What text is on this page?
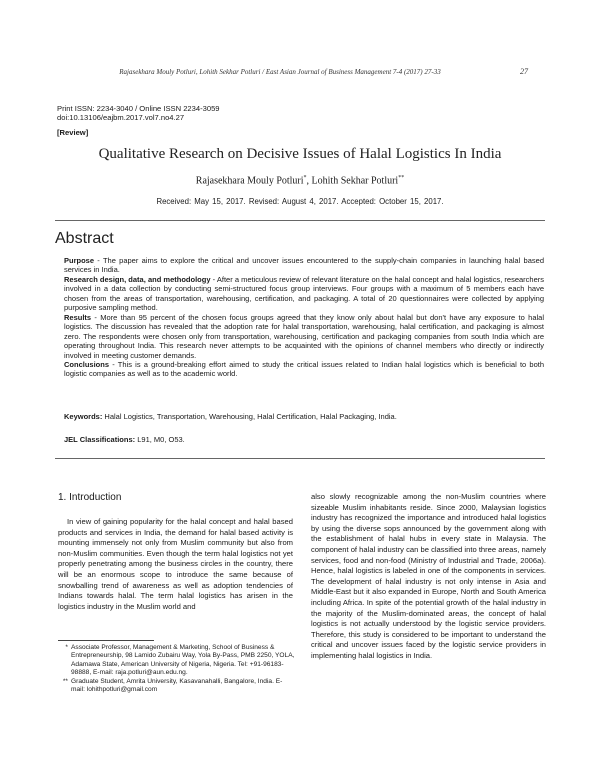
Rajasekhara Mouly Potluri, Lohith Sekhar Potluri / East Asian Journal of Business Management 7-4 (2017) 27-33	27
Print ISSN: 2234-3040 / Online ISSN 2234-3059
doi:10.13106/eajbm.2017.vol7.no4.27
[Review]
Qualitative Research on Decisive Issues of Halal Logistics In India
Rajasekhara Mouly Potluri*, Lohith Sekhar Potluri**
Received: May 15, 2017. Revised: August 4, 2017. Accepted: October 15, 2017.
Abstract
Purpose - The paper aims to explore the critical and uncover issues encountered to the supply-chain companies in launching halal based services in India.
Research design, data, and methodology - After a meticulous review of relevant literature on the halal concept and halal logistics, researchers involved in a data collection by conducting semi-structured focus group interviews. Four groups with a maximum of 5 members each have chosen from the areas of transportation, warehousing, certification, and packaging. A total of 20 questionnaires were collected by applying purposive sampling method.
Results - More than 95 percent of the chosen focus groups agreed that they know only about halal but don't have any exposure to halal logistics. The discussion has revealed that the adoption rate for halal transportation, warehousing, halal certification, and packaging is almost zero. The respondents were chosen only from transportation, warehousing, certification and packaging companies from south India which are operating throughout India. This research never attempts to be acquainted with the opinions of channel members who directly or indirectly involved in meeting customer demands.
Conclusions - This is a ground-breaking effort aimed to study the critical issues related to Indian halal logistics which is beneficial to both logistic companies as well as to the academic world.
Keywords: Halal Logistics, Transportation, Warehousing, Halal Certification, Halal Packaging, India.
JEL Classifications: L91, M0, O53.
1. Introduction

In view of gaining popularity for the halal concept and halal based products and services in India, the demand for halal based activity is mounting immensely not only from Muslim community but also from non-Muslim communities. Even though the term halal logistics not yet properly penetrating among the business circles in the country, there will be an enormous scope to introduce the same because of snowballing trend of awareness as well as adoption tendencies of Indians towards halal. The term halal logistics has arisen in the logistics industry in the Muslim world and

also slowly recognizable among the non-Muslim countries where sizeable Muslim inhabitants reside. Since 2000, Malaysian logistics industry has recognized the importance and introduced halal logistics by using the diverse sops announced by the government along with the establishment of halal hubs in every state in Malaysia. The component of halal industry can be classified into three areas, namely services, food and non-food (Ministry of Industrial and Trade, 2006a). Hence, halal logistics is labeled in one of the components in services. The development of halal industry is not only intense in Asia and Middle-East but it also expanded in Europe, North and South America including Africa. In spite of the potential growth of the halal industry in the majority of the Muslim-dominated areas, the concept of halal logistics is not actually understood by the logistic service providers. Therefore, this study is considered to be important to understand the critical and uncover issues faced by the logistic service providers in implementing halal logistics in India.

* Associate Professor, Management & Marketing, School of Business & Entrepreneurship, 98 Lamido Zubairu Way, Yola By-Pass, PMB 2250, YOLA, Adamawa State, American University of Nigeria, Nigeria. Tel: +91-96183-98888, E-mail: raja.potluri@aun.edu.ng.
** Graduate Student, Amrita University, Kasavanahalli, Bangalore, India. E-mail: lohithpotluri@gmail.com
